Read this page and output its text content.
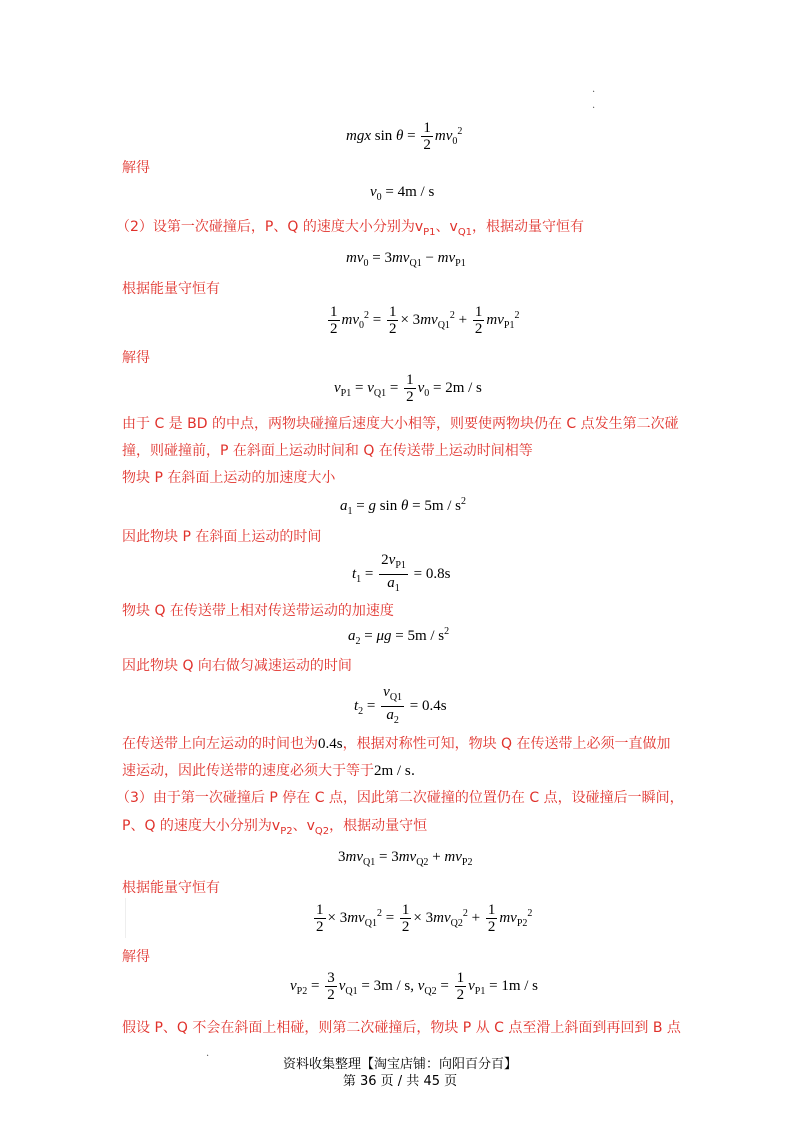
.
.
mgx $\sin \theta = \frac{1}{2} mv_0^2$
解得
$v_0 = 4m / s$
（2）设第一次碰撞后，P、Q 的速度大小分别为$v_{P1}$、$v_{Q1}$，根据动量守恒有
$mv_0 = 3mv_{Q1} - mv_{P1}$
根据能量守恒有
$\frac{1}{2} mv_0^2 = \frac{1}{2} \times 3mv_{Q1}^2 + \frac{1}{2} mv_{P1}^2$
解得
$v_{P1} = v_{Q1} = \frac{1}{2} v_0 = 2m / s$
由于 C 是 BD 的中点，两物块碰撞后速度大小相等，则要使两物块仍在 C 点发生第二次碰
撞，则碰撞前，P 在斜面上运动时间和 Q 在传送带上运动时间相等
物块 P 在斜面上运动的加速度大小
$a_1 = g$ $\sin \theta = 5m / s^2$
因此物块 P 在斜面上运动的时间
$t_1 = \frac{2v_{P1}}{a_1} = 0.8s$
物块 Q 在传送带上相对传送带运动的加速度
$a_2 = \mu g = 5m / s^2$
因此物块 Q 向右做匀减速运动的时间
$t_2 = \frac{v_{Q1}}{a_2} = 0.4s$
在传送带上向左运动的时间也为0.4s，根据对称性可知，物块 Q 在传送带上必须一直做加
速运动，因此传送带的速度必须大于等于2m / s.
（3）由于第一次碰撞后 P 停在 C 点，因此第二次碰撞的位置仍在 C 点，设碰撞后一瞬间，
P、Q 的速度大小分别为$v_{P2}$、$v_{Q2}$，根据动量守恒
$3mv_{Q1} = 3mv_{Q2} + mv_{P2}$
根据能量守恒有
$\frac{1}{2} \times 3mv_{Q1}^2 = \frac{1}{2} \times 3mv_{Q2}^2 + \frac{1}{2} mv_{P2}^2$
解得
$v_{P2} = \frac{3}{2} v_{Q1} = 3m / s$, $v_{Q2} = \frac{1}{2} v_{P1} = 1m / s$
假设 P、Q 不会在斜面上相碰，则第二次碰撞后，物块 P 从 C 点至滑上斜面到再回到 B 点
.
资料收集整理【淘宝店铺：向阳百分百】
第 36 页 / 共 45 页
